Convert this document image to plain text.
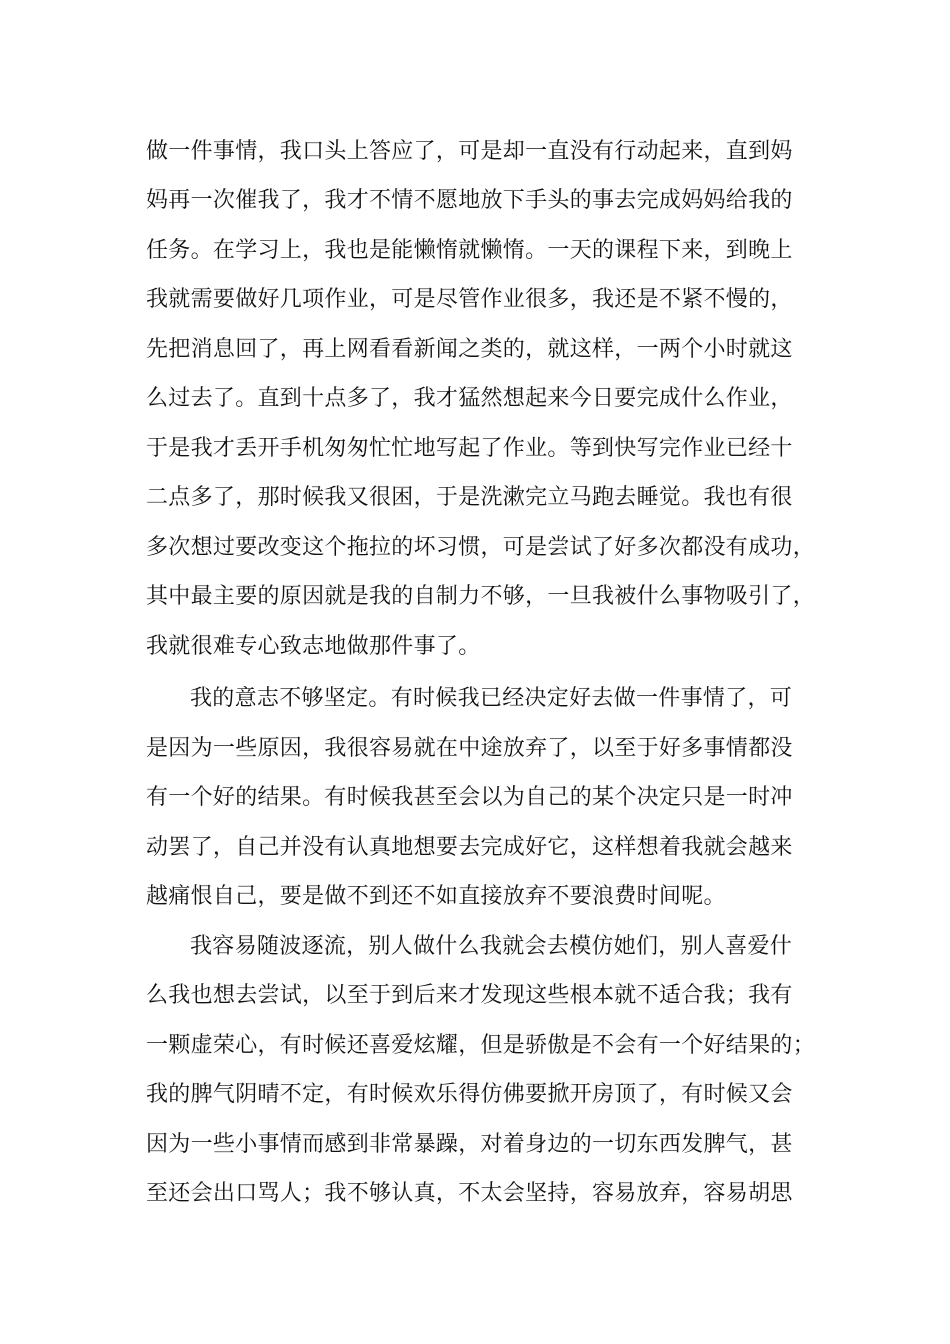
做一件事情，我口头上答应了，可是却一直没有行动起来，直到妈
妈再一次催我了，我才不情不愿地放下手头的事去完成妈妈给我的
任务。在学习上，我也是能懒惰就懒惰。一天的课程下来，到晚上
我就需要做好几项作业，可是尽管作业很多，我还是不紧不慢的，
先把消息回了，再上网看看新闻之类的，就这样，一两个小时就这
么过去了。直到十点多了，我才猛然想起来今日要完成什么作业，
于是我才丢开手机匆匆忙忙地写起了作业。等到快写完作业已经十
二点多了，那时候我又很困，于是洗漱完立马跑去睡觉。我也有很
多次想过要改变这个拖拉的坏习惯，可是尝试了好多次都没有成功，
其中最主要的原因就是我的自制力不够，一旦我被什么事物吸引了，
我就很难专心致志地做那件事了。
我的意志不够坚定。有时候我已经决定好去做一件事情了，可
是因为一些原因，我很容易就在中途放弃了，以至于好多事情都没
有一个好的结果。有时候我甚至会以为自己的某个决定只是一时冲
动罢了，自己并没有认真地想要去完成好它，这样想着我就会越来
越痛恨自己，要是做不到还不如直接放弃不要浪费时间呢。
我容易随波逐流，别人做什么我就会去模仿她们，别人喜爱什
么我也想去尝试，以至于到后来才发现这些根本就不适合我；我有
一颗虚荣心，有时候还喜爱炫耀，但是骄傲是不会有一个好结果的；
我的脾气阴晴不定，有时候欢乐得仿佛要掀开房顶了，有时候又会
因为一些小事情而感到非常暴躁，对着身边的一切东西发脾气，甚
至还会出口骂人；我不够认真，不太会坚持，容易放弃，容易胡思
